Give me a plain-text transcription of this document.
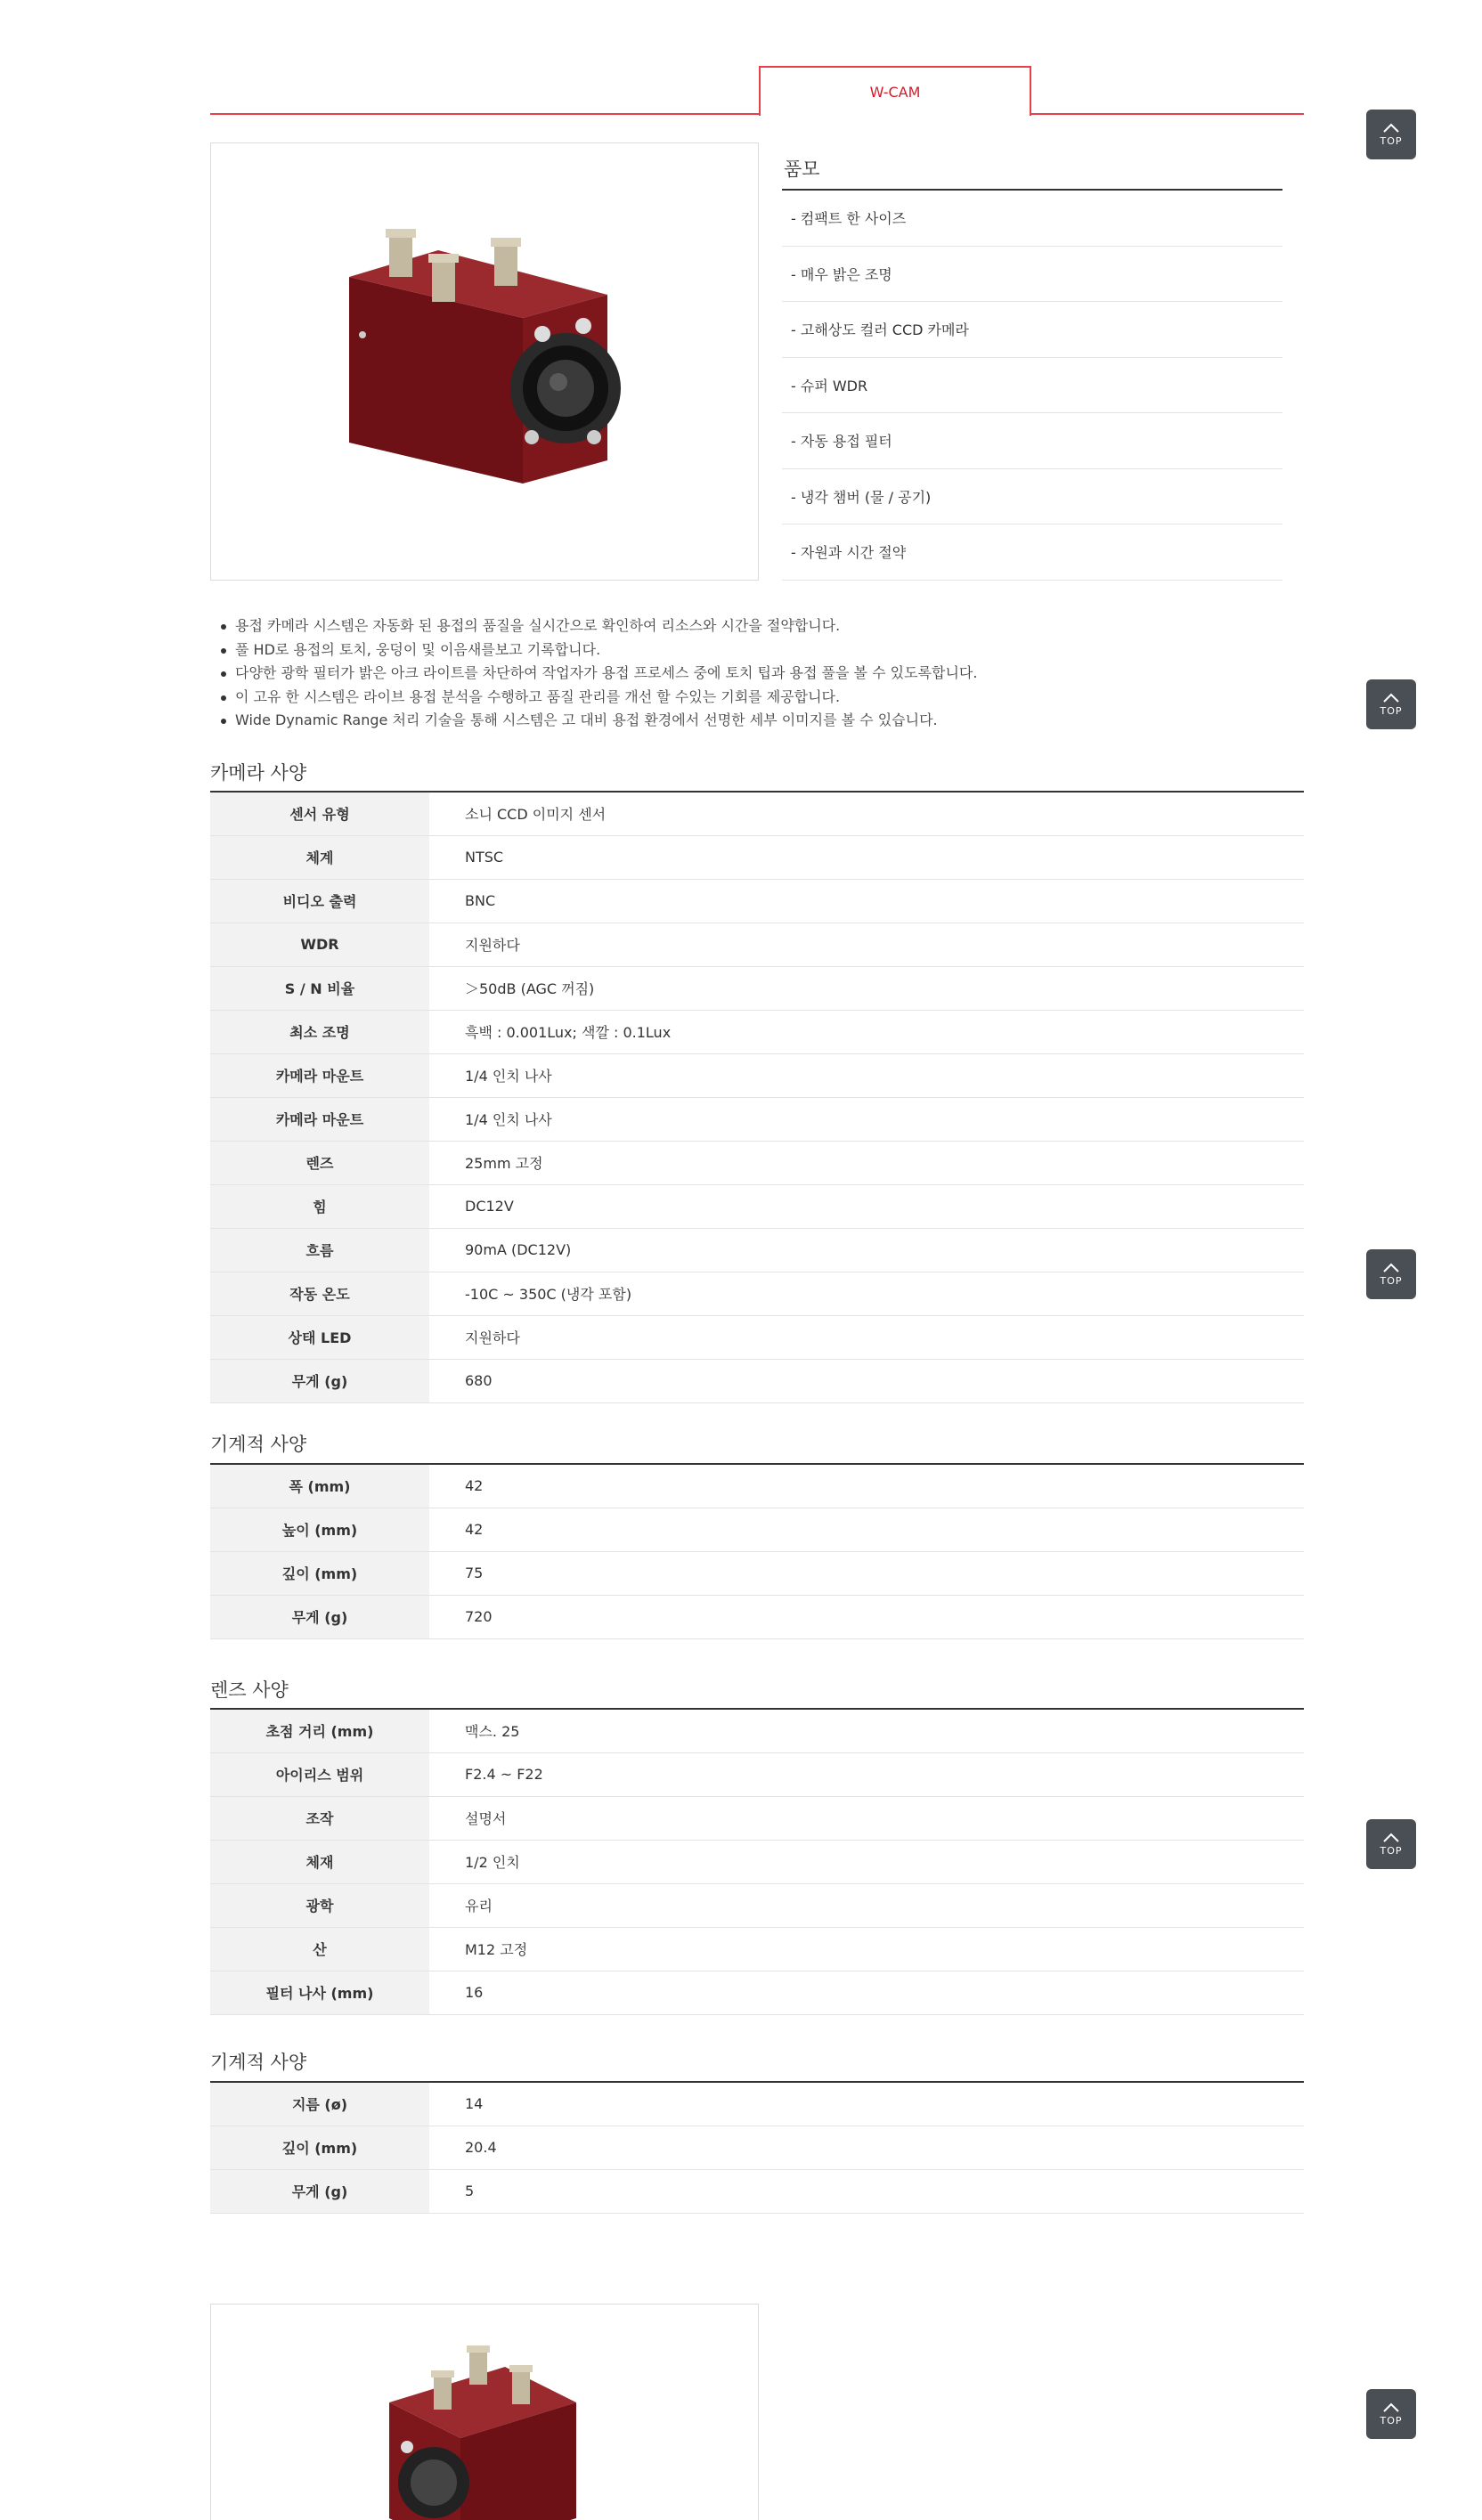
W-CAM
품모
- 컴팩트 한 사이즈
- 매우 밝은 조명
- 고해상도 컬러 CCD 카메라
- 슈퍼 WDR
- 자동 용접 필터
- 냉각 챔버 (물 / 공기)
- 자원과 시간 절약
용접 카메라 시스템은 자동화 된 용접의 품질을 실시간으로 확인하여 리소스와 시간을 절약합니다.
풀 HD로 용접의 토치, 웅덩이 및 이음새를보고 기록합니다.
다양한 광학 필터가 밝은 아크 라이트를 차단하여 작업자가 용접 프로세스 중에 토치 팁과 용접 풀을 볼 수 있도록합니다.
이 고유 한 시스템은 라이브 용접 분석을 수행하고 품질 관리를 개선 할 수있는 기회를 제공합니다.
Wide Dynamic Range 처리 기술을 통해 시스템은 고 대비 용접 환경에서 선명한 세부 이미지를 볼 수 있습니다.
카메라 사양
센서 유형	소니 CCD 이미지 센서
체계	NTSC
비디오 출력	BNC
WDR	지원하다
S / N 비율	＞50dB (AGC 꺼짐)
최소 조명	흑백 : 0.001Lux; 색깔 : 0.1Lux
카메라 마운트	1/4 인치 나사
카메라 마운트	1/4 인치 나사
렌즈	25mm 고정
힘	DC12V
흐름	90mA (DC12V)
작동 온도	-10C ~ 350C (냉각 포함)
상태 LED	지원하다
무게 (g)	680
기계적 사양
폭 (mm)	42
높이 (mm)	42
깊이 (mm)	75
무게 (g)	720
렌즈 사양
초점 거리 (mm)	맥스. 25
아이리스 범위	F2.4 ~ F22
조작	설명서
체재	1/2 인치
광학	유리
산	M12 고정
필터 나사 (mm)	16
기계적 사양
지름 (ø)	14
깊이 (mm)	20.4
무게 (g)	5
TOP
TOP
TOP
TOP
TOP
